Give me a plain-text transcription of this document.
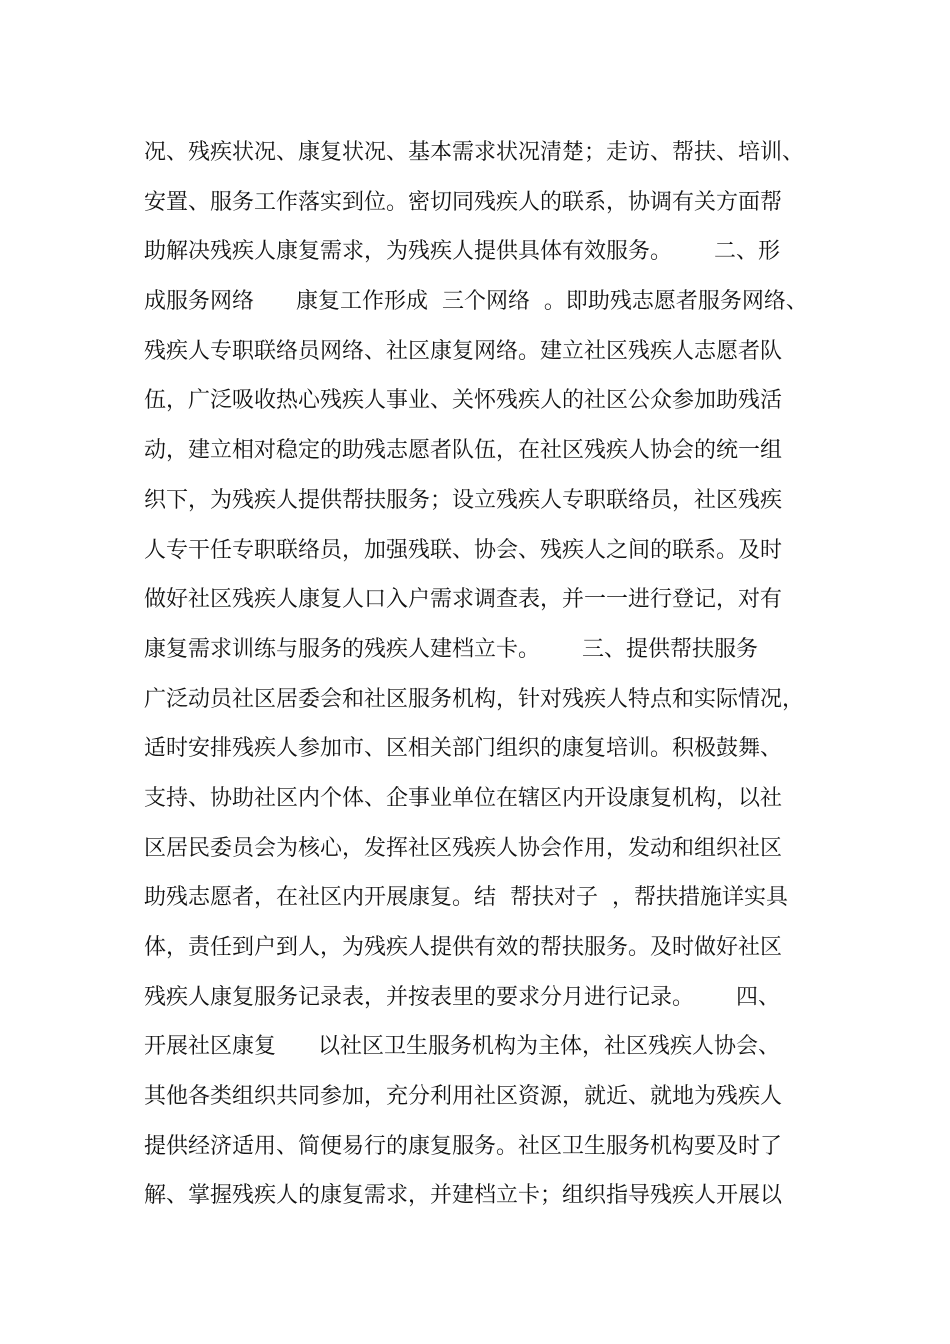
况、残疾状况、康复状况、基本需求状况清楚；走访、帮扶、培训、
安置、服务工作落实到位。密切同残疾人的联系，协调有关方面帮
助解决残疾人康复需求，为残疾人提供具体有效服务。      二、形
成服务网络      康复工作形成  三个网络  。即助残志愿者服务网络、
残疾人专职联络员网络、社区康复网络。建立社区残疾人志愿者队
伍，广泛吸收热心残疾人事业、关怀残疾人的社区公众参加助残活
动，建立相对稳定的助残志愿者队伍，在社区残疾人协会的统一组
织下，为残疾人提供帮扶服务；设立残疾人专职联络员，社区残疾
人专干任专职联络员，加强残联、协会、残疾人之间的联系。及时
做好社区残疾人康复人口入户需求调查表，并一一进行登记，对有
康复需求训练与服务的残疾人建档立卡。      三、提供帮扶服务
广泛动员社区居委会和社区服务机构，针对残疾人特点和实际情况，
适时安排残疾人参加市、区相关部门组织的康复培训。积极鼓舞、
支持、协助社区内个体、企事业单位在辖区内开设康复机构，以社
区居民委员会为核心，发挥社区残疾人协会作用，发动和组织社区
助残志愿者，在社区内开展康复。结  帮扶对子  ，帮扶措施详实具
体，责任到户到人，为残疾人提供有效的帮扶服务。及时做好社区
残疾人康复服务记录表，并按表里的要求分月进行记录。      四、
开展社区康复      以社区卫生服务机构为主体，社区残疾人协会、
其他各类组织共同参加，充分利用社区资源，就近、就地为残疾人
提供经济适用、简便易行的康复服务。社区卫生服务机构要及时了
解、掌握残疾人的康复需求，并建档立卡；组织指导残疾人开展以
